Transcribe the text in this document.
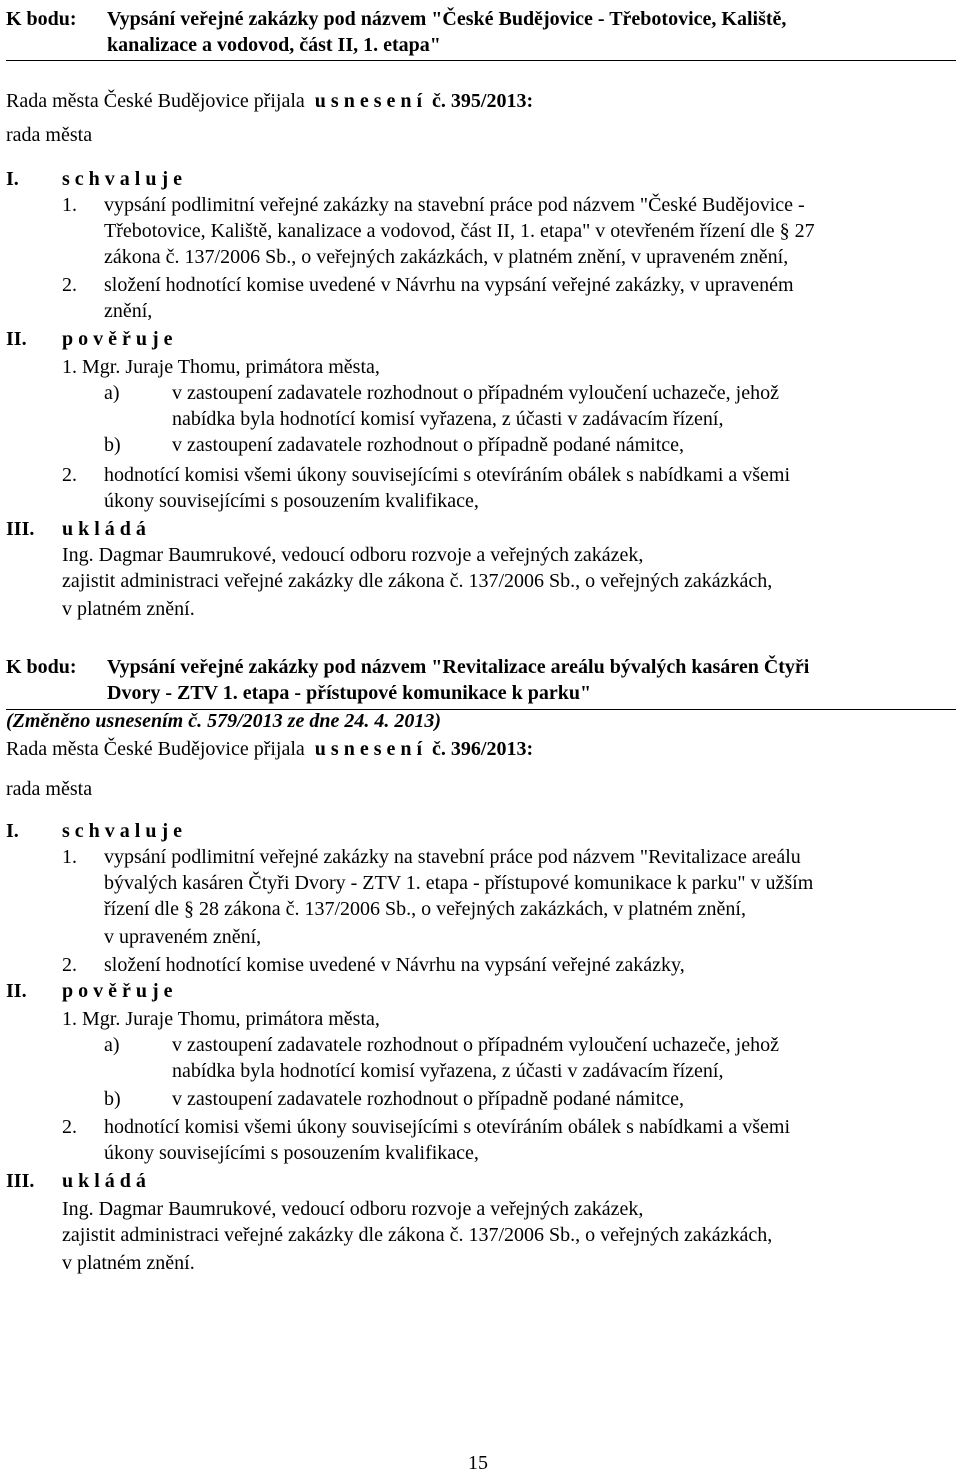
K bodu: Vypsání veřejné zakázky pod názvem "České Budějovice - Třebotovice, Kaliště,
kanalizace a vodovod, část II, 1. etapa"
Rada města České Budějovice přijala u s n e s e n í č. 395/2013:
rada města
I. s c h v a l u j e
1. vypsání podlimitní veřejné zakázky na stavební práce pod názvem "České Budějovice -
Třebotovice, Kaliště, kanalizace a vodovod, část II, 1. etapa" v otevřeném řízení dle § 27
zákona č. 137/2006 Sb., o veřejných zakázkách, v platném znění, v upraveném znění,
2. složení hodnotící komise uvedené v Návrhu na vypsání veřejné zakázky, v upraveném
znění,
II. p o v ě ř u j e
1. Mgr. Juraje Thomu, primátora města,
a)	v zastoupení zadavatele rozhodnout o případném vyloučení uchazeče, jehož
nabídka byla hodnotící komisí vyřazena, z účasti v zadávacím řízení,
b)	v zastoupení zadavatele rozhodnout o případně podané námitce,
2. hodnotící komisi všemi úkony souvisejícími s otevíráním obálek s nabídkami a všemi
úkony souvisejícími s posouzením kvalifikace,
III. u k l á d á
Ing. Dagmar Baumrukové, vedoucí odboru rozvoje a veřejných zakázek,
zajistit administraci veřejné zakázky dle zákona č. 137/2006 Sb., o veřejných zakázkách,
v platném znění.
K bodu: Vypsání veřejné zakázky pod názvem "Revitalizace areálu bývalých kasáren Čtyři
Dvory - ZTV 1. etapa - přístupové komunikace k parku"
(Změněno usnesením č. 579/2013 ze dne 24. 4. 2013)
Rada města České Budějovice přijala u s n e s e n í č. 396/2013:
rada města
I. s c h v a l u j e
1. vypsání podlimitní veřejné zakázky na stavební práce pod názvem "Revitalizace areálu
bývalých kasáren Čtyři Dvory - ZTV 1. etapa - přístupové komunikace k parku" v užším
řízení dle § 28 zákona č. 137/2006 Sb., o veřejných zakázkách, v platném znění,
v upraveném znění,
2. složení hodnotící komise uvedené v Návrhu na vypsání veřejné zakázky,
II. p o v ě ř u j e
1. Mgr. Juraje Thomu, primátora města,
a)	v zastoupení zadavatele rozhodnout o případném vyloučení uchazeče, jehož
nabídka byla hodnotící komisí vyřazena, z účasti v zadávacím řízení,
b)	v zastoupení zadavatele rozhodnout o případně podané námitce,
2. hodnotící komisi všemi úkony souvisejícími s otevíráním obálek s nabídkami a všemi
úkony souvisejícími s posouzením kvalifikace,
III. u k l á d á
Ing. Dagmar Baumrukové, vedoucí odboru rozvoje a veřejných zakázek,
zajistit administraci veřejné zakázky dle zákona č. 137/2006 Sb., o veřejných zakázkách,
v platném znění.
15
